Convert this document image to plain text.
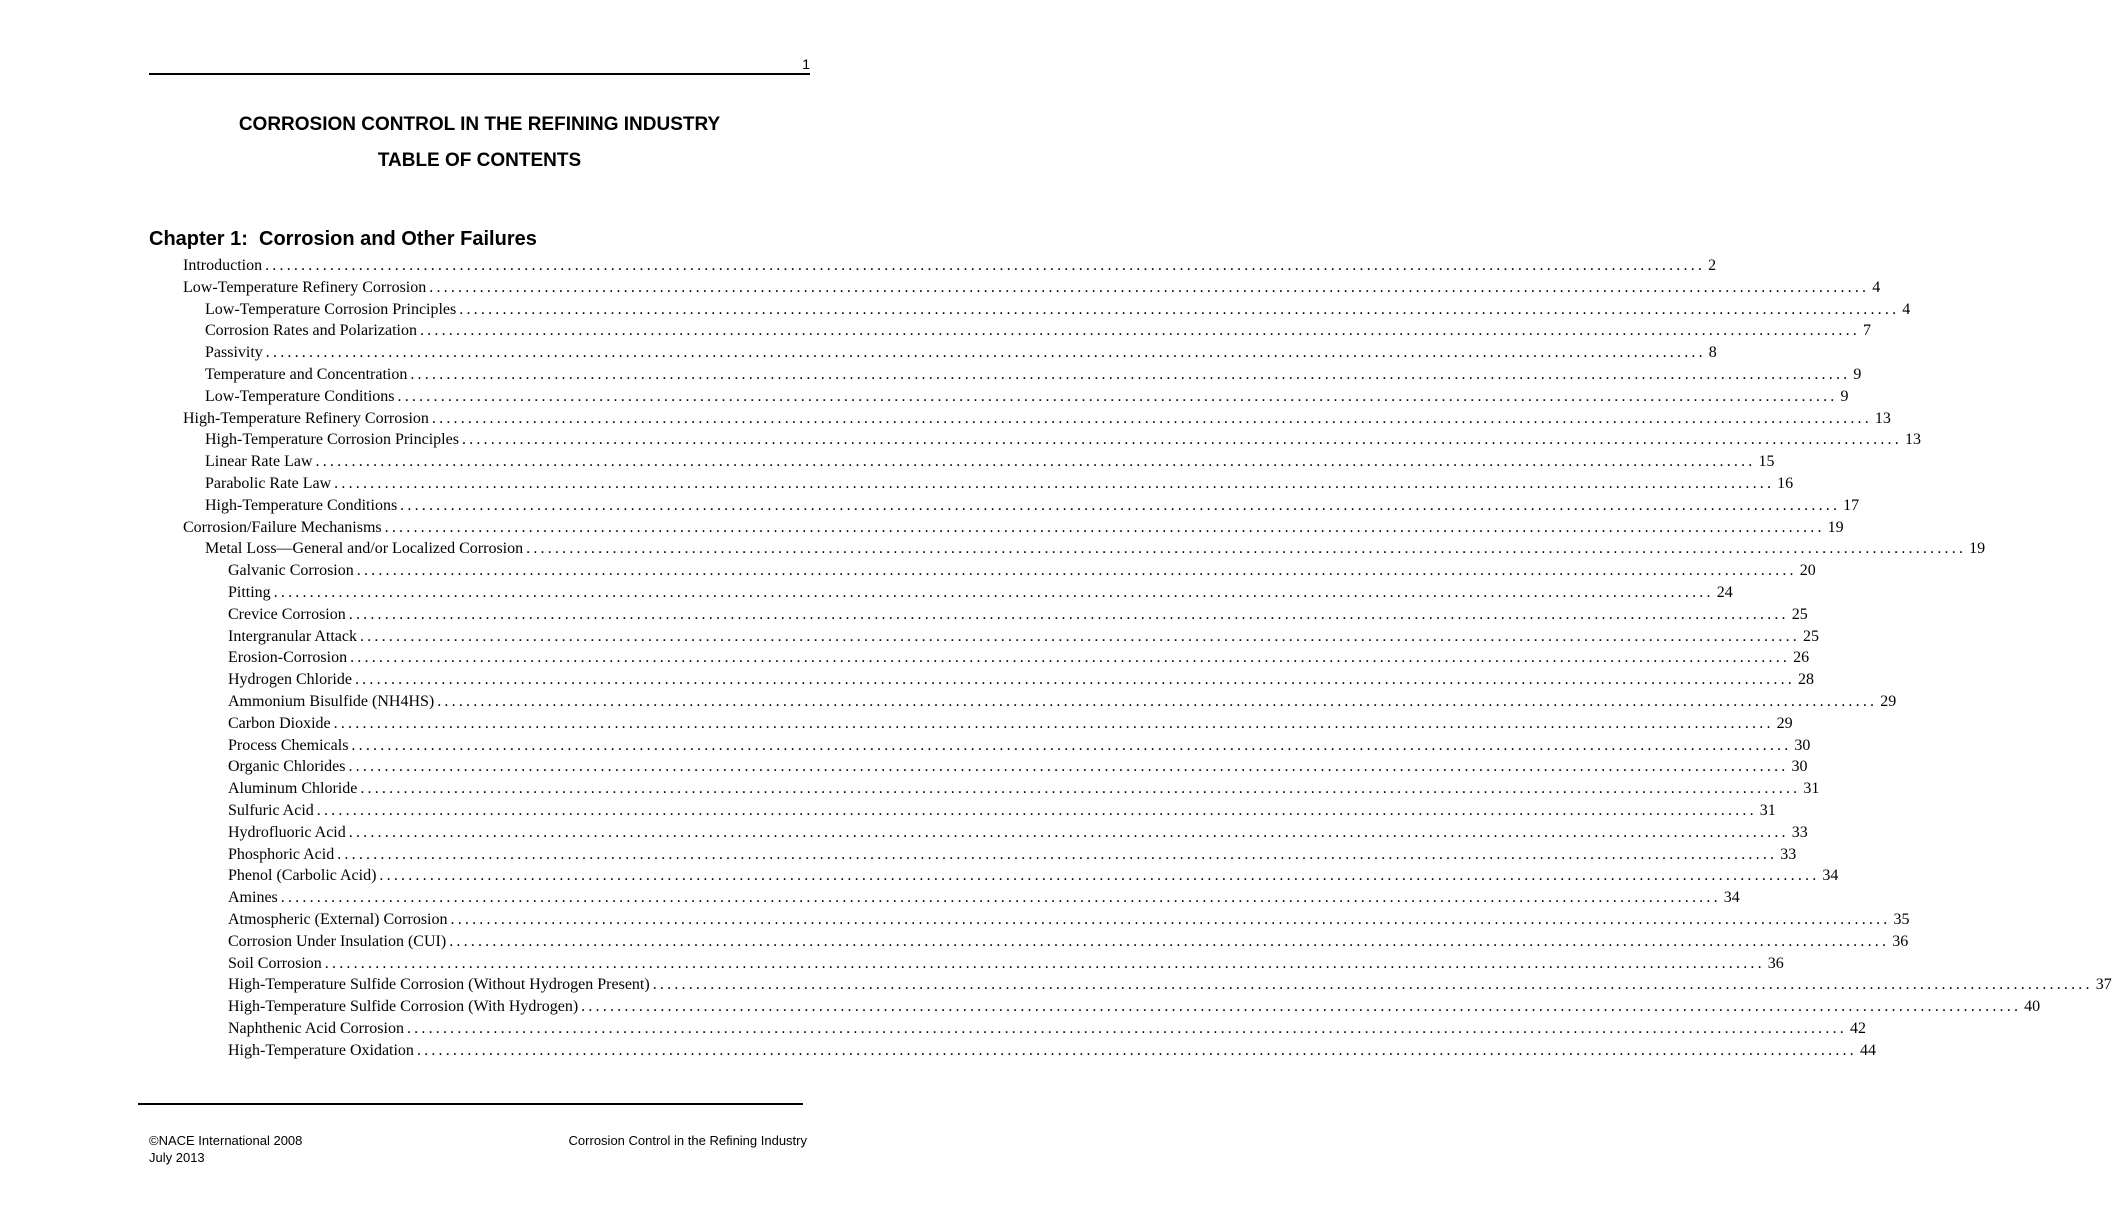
1
CORROSION CONTROL IN THE REFINING INDUSTRY
TABLE OF CONTENTS
Chapter 1:  Corrosion and Other Failures
Introduction ........................................................................................................................................................................................................ 2
Low-Temperature Refinery Corrosion ........................................................................................................................................................................................................ 4
Low-Temperature Corrosion Principles ........................................................................................................................................................................................................ 4
Corrosion Rates and Polarization ........................................................................................................................................................................................................ 7
Passivity ........................................................................................................................................................................................................ 8
Temperature and Concentration ........................................................................................................................................................................................................ 9
Low-Temperature Conditions ........................................................................................................................................................................................................ 9
High-Temperature Refinery Corrosion ........................................................................................................................................................................................................ 13
High-Temperature Corrosion Principles ........................................................................................................................................................................................................ 13
Linear Rate Law ........................................................................................................................................................................................................ 15
Parabolic Rate Law ........................................................................................................................................................................................................ 16
High-Temperature Conditions ........................................................................................................................................................................................................ 17
Corrosion/Failure Mechanisms ........................................................................................................................................................................................................ 19
Metal Loss—General and/or Localized Corrosion ........................................................................................................................................................................................................ 19
Galvanic Corrosion ........................................................................................................................................................................................................ 20
Pitting ........................................................................................................................................................................................................ 24
Crevice Corrosion ........................................................................................................................................................................................................ 25
Intergranular Attack ........................................................................................................................................................................................................ 25
Erosion-Corrosion ........................................................................................................................................................................................................ 26
Hydrogen Chloride ........................................................................................................................................................................................................ 28
Ammonium Bisulfide (NH4HS) ........................................................................................................................................................................................................ 29
Carbon Dioxide ........................................................................................................................................................................................................ 29
Process Chemicals ........................................................................................................................................................................................................ 30
Organic Chlorides ........................................................................................................................................................................................................ 30
Aluminum Chloride ........................................................................................................................................................................................................ 31
Sulfuric Acid ........................................................................................................................................................................................................ 31
Hydrofluoric Acid ........................................................................................................................................................................................................ 33
Phosphoric Acid ........................................................................................................................................................................................................ 33
Phenol (Carbolic Acid) ........................................................................................................................................................................................................ 34
Amines ........................................................................................................................................................................................................ 34
Atmospheric (External) Corrosion ........................................................................................................................................................................................................ 35
Corrosion Under Insulation (CUI) ........................................................................................................................................................................................................ 36
Soil Corrosion ........................................................................................................................................................................................................ 36
High-Temperature Sulfide Corrosion (Without Hydrogen Present) ........................................................................................................................................................................................................ 37
High-Temperature Sulfide Corrosion (With Hydrogen) ........................................................................................................................................................................................................ 40
Naphthenic Acid Corrosion ........................................................................................................................................................................................................ 42
High-Temperature Oxidation ........................................................................................................................................................................................................ 44
©NACE International 2008
July 2013
Corrosion Control in the Refining Industry
